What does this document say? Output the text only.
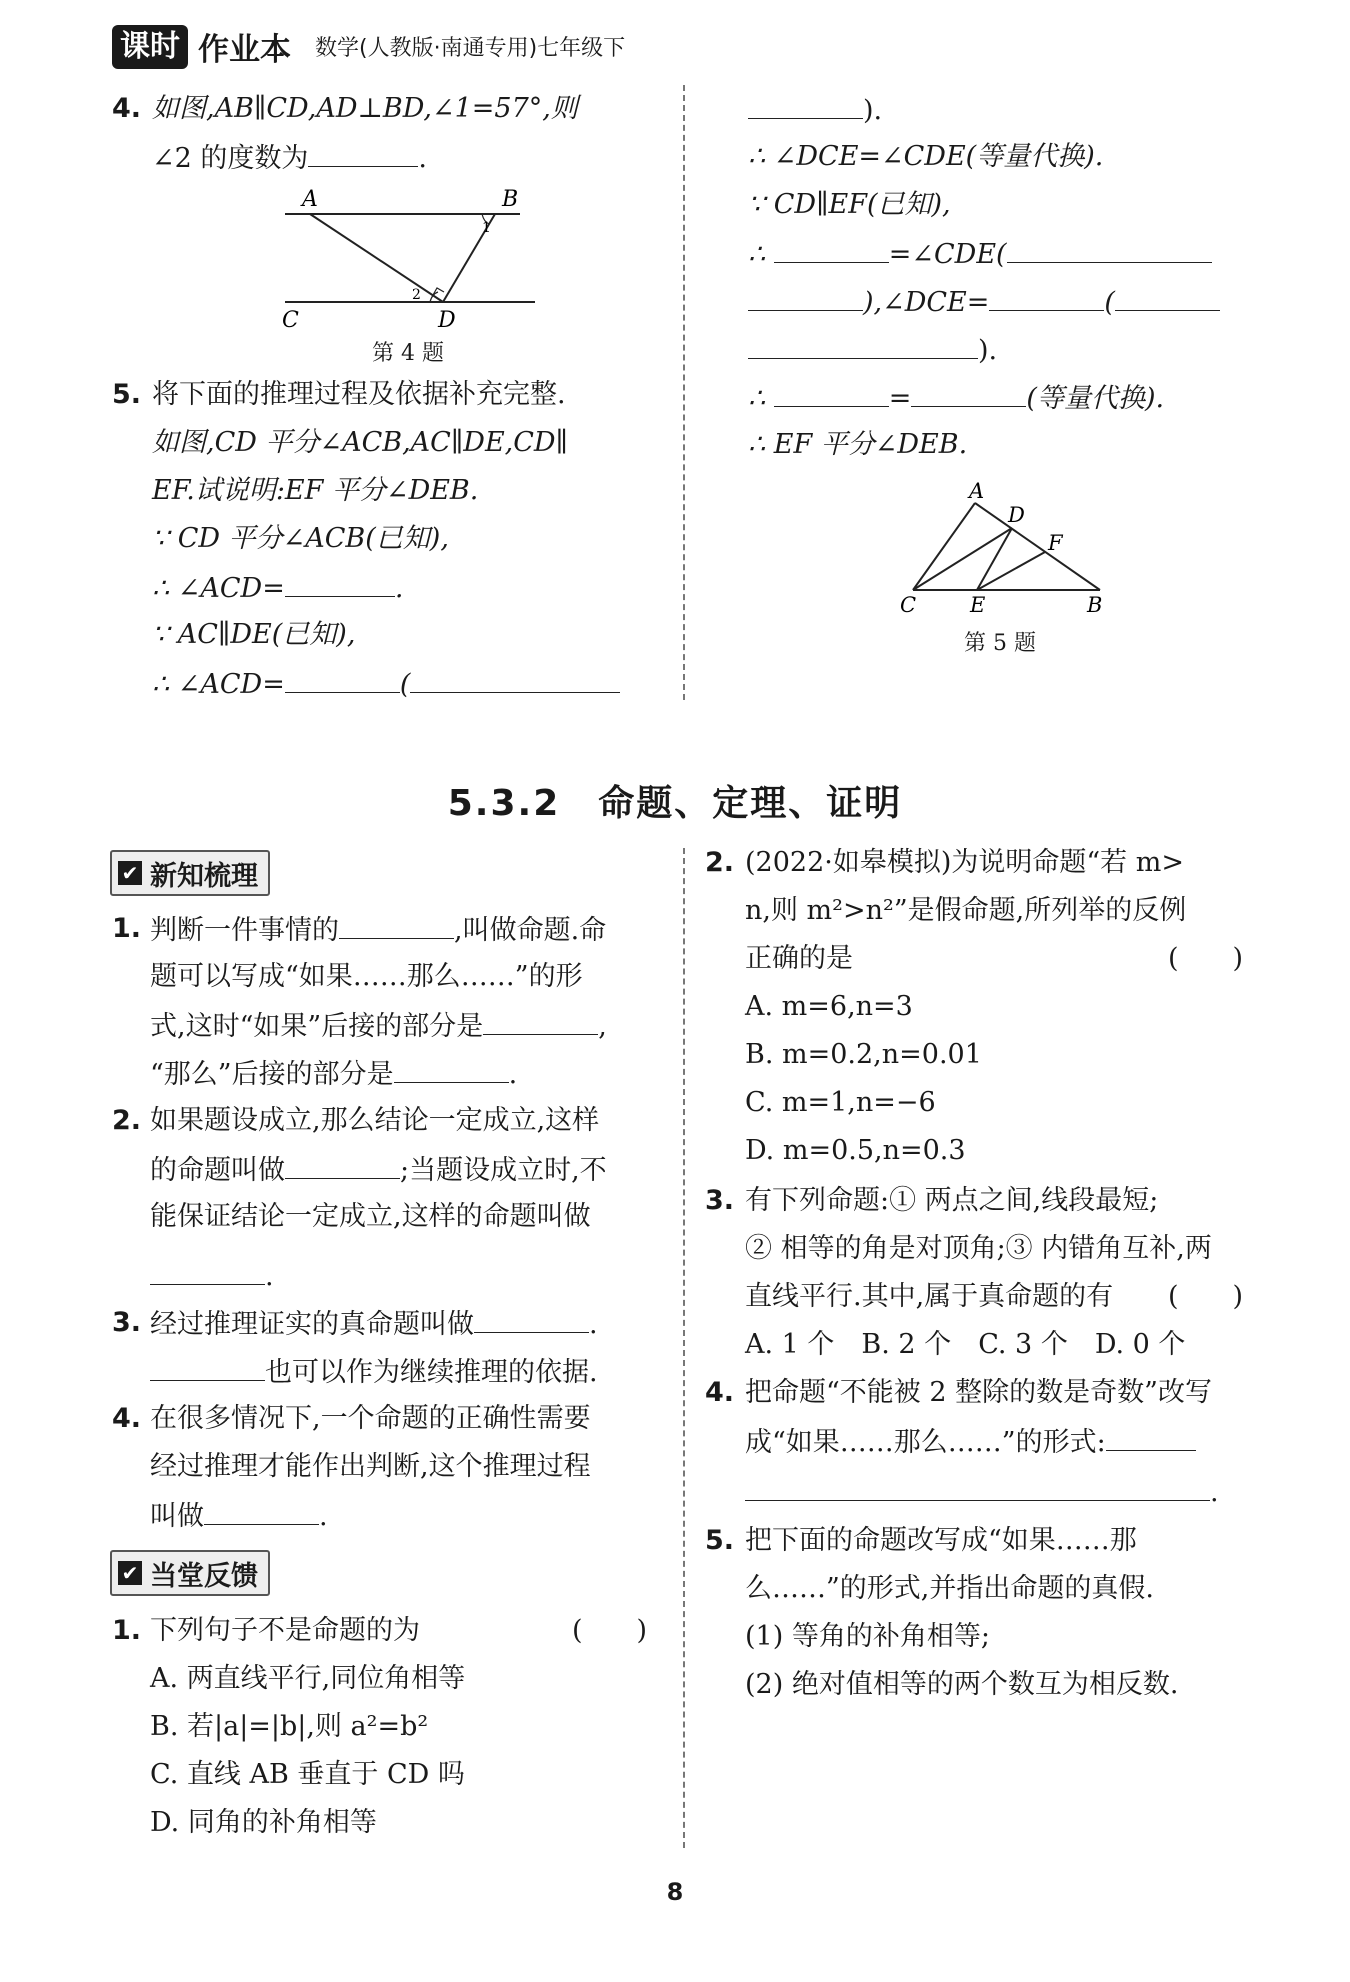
课时 作业本 数学(人教版·南通专用)七年级下
4. 如图,AB∥CD,AD⊥BD,∠1=57°,则
∠2 的度数为	.
A	B
C	D
1
2
第 4 题
5. 将下面的推理过程及依据补充完整.
如图,CD 平分∠ACB,AC∥DE,CD∥
EF.试说明:EF 平分∠DEB.
∵ CD 平分∠ACB(已知),
∴ ∠ACD=	.
∵ AC∥DE(已知),
∴ ∠ACD=	(
).
∴ ∠DCE=∠CDE(等量代换).
∵ CD∥EF(已知),
∴	=∠CDE(
),∠DCE=	(
).
∴	=	(等量代换).
∴ EF 平分∠DEB.
A
D
F
C	E	B
第 5 题
5.3.2　命题、定理、证明
✔ 新知梳理
1. 判断一件事情的	,叫做命题.命
题可以写成“如果……那么……”的形
式,这时“如果”后接的部分是	,
“那么”后接的部分是	.
2. 如果题设成立,那么结论一定成立,这样
的命题叫做	;当题设成立时,不
能保证结论一定成立,这样的命题叫做
.
3. 经过推理证实的真命题叫做	.
也可以作为继续推理的依据.
4. 在很多情况下,一个命题的正确性需要
经过推理才能作出判断,这个推理过程
叫做	.
✔ 当堂反馈
1. 下列句子不是命题的为	(　　)
A. 两直线平行,同位角相等
B. 若|a|=|b|,则 a²=b²
C. 直线 AB 垂直于 CD 吗
D. 同角的补角相等
2. (2022·如皋模拟)为说明命题“若 m>
n,则 m²>n²”是假命题,所列举的反例
正确的是	(　　)
A. m=6,n=3
B. m=0.2,n=0.01
C. m=1,n=−6
D. m=0.5,n=0.3
3. 有下列命题:① 两点之间,线段最短;
② 相等的角是对顶角;③ 内错角互补,两
直线平行.其中,属于真命题的有 (　　)
A. 1 个　B. 2 个　C. 3 个　D. 0 个
4. 把命题“不能被 2 整除的数是奇数”改写
成“如果……那么……”的形式:
.
5. 把下面的命题改写成“如果……那
么……”的形式,并指出命题的真假.
(1) 等角的补角相等;
(2) 绝对值相等的两个数互为相反数.
8
